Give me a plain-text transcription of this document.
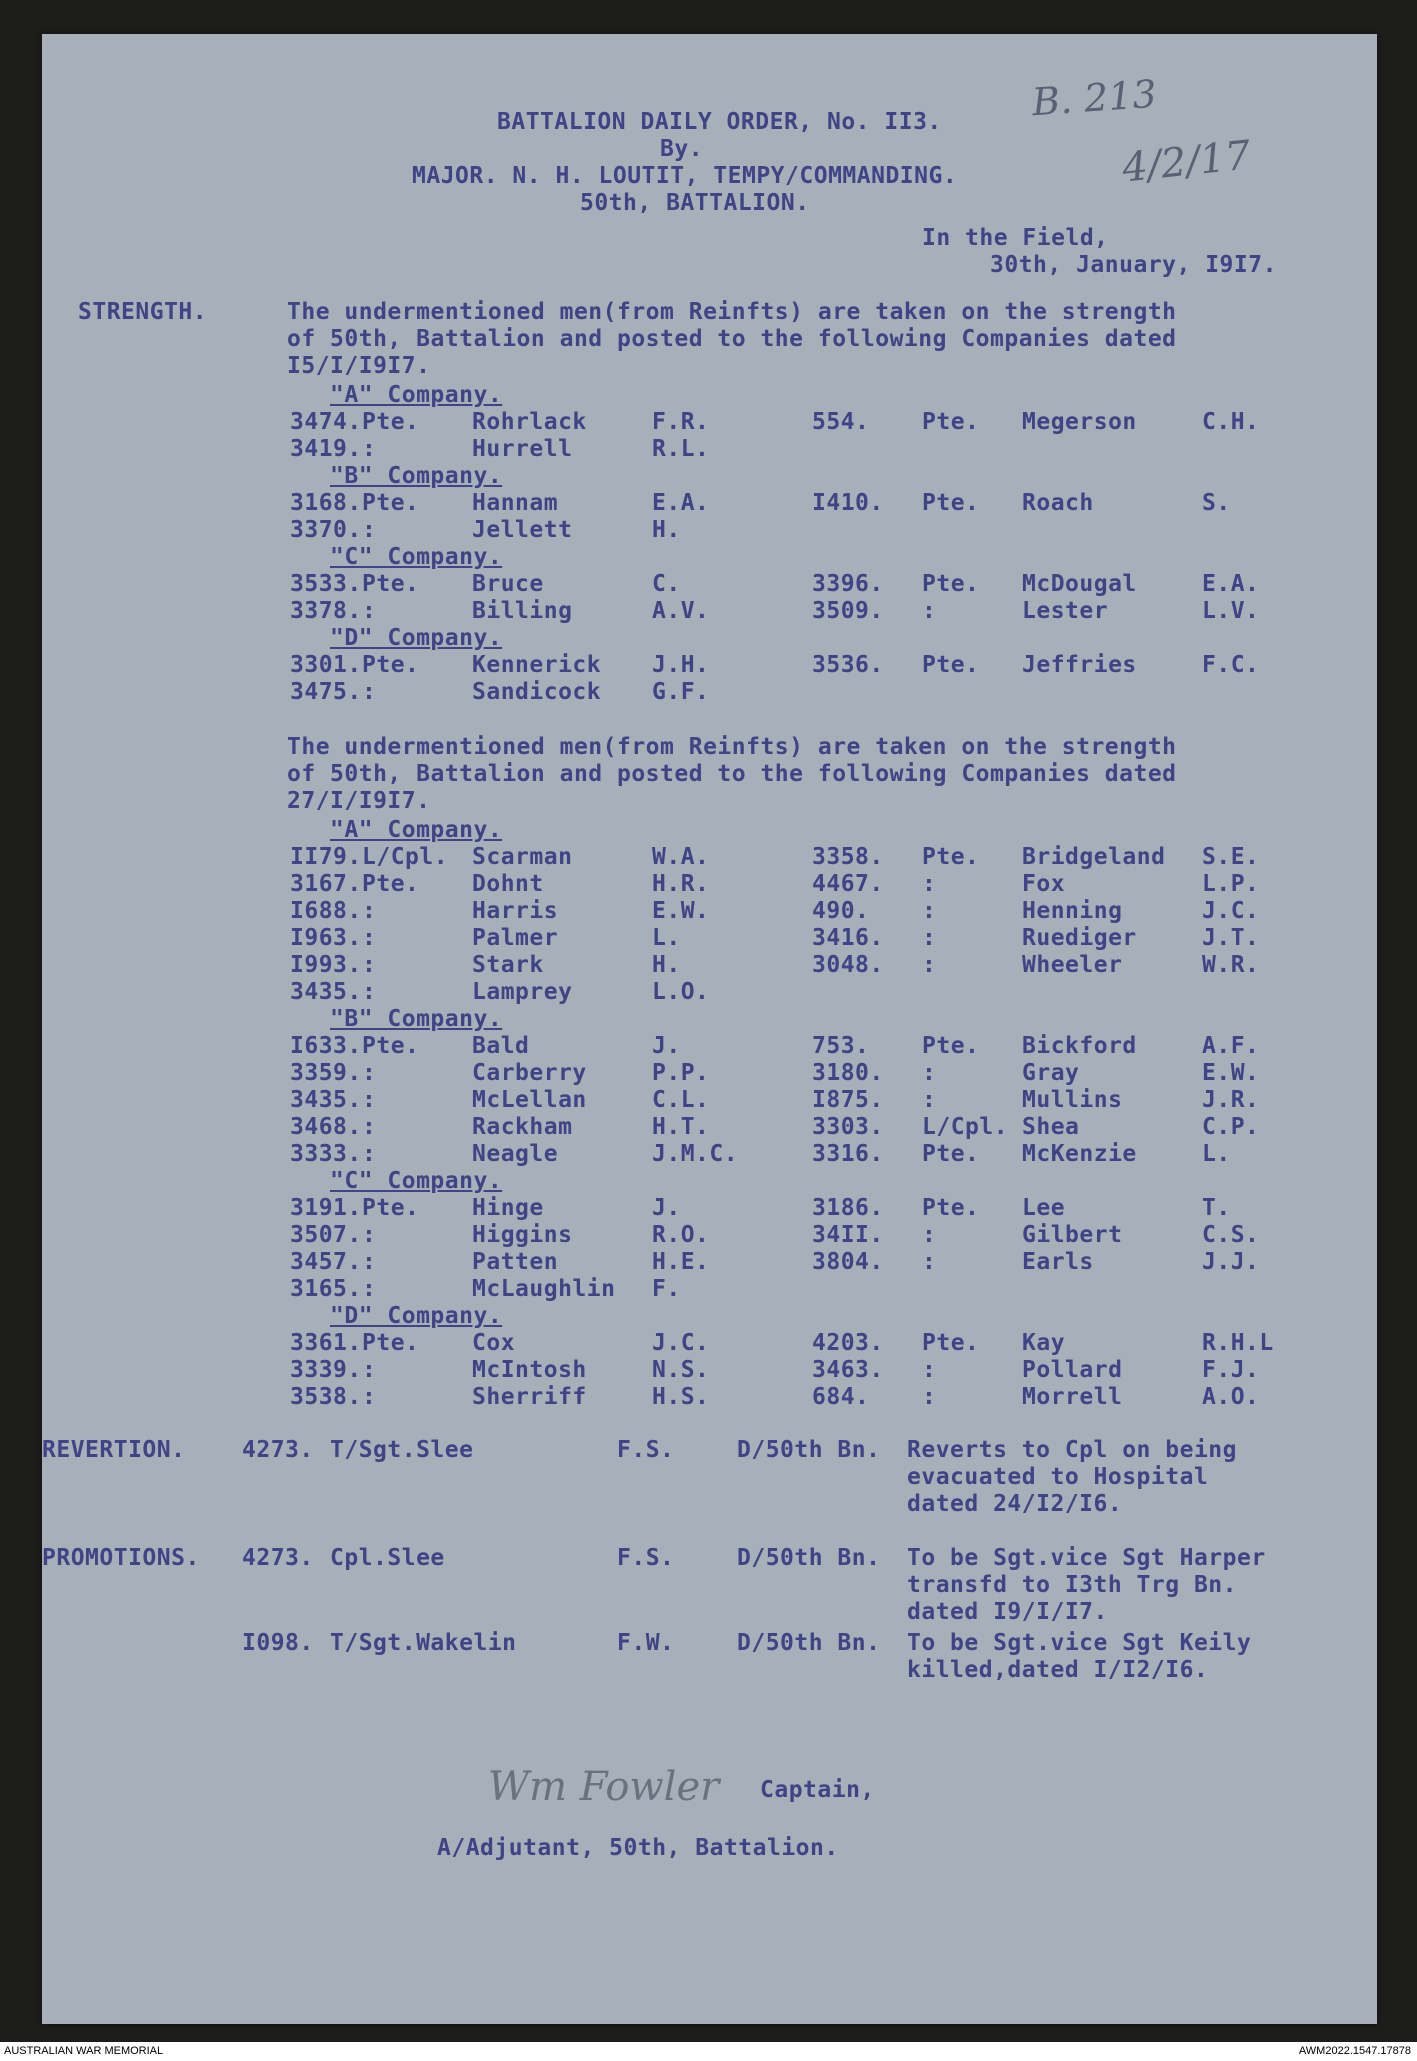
BATTALION DAILY ORDER, No. II3.
By.
MAJOR. N. H. LOUTIT, TEMPY/COMMANDING.
50th, BATTALION.
In the Field,
30th, January, I9I7.
B. 213
4/2/17
STRENGTH.	The undermentioned men(from Reinfts) are taken on the strength
of 50th, Battalion and posted to the following Companies dated
I5/I/I9I7.
"A" Company.
3474. Pte. Rohrlack	F.R.	554. Pte. Megerson	C.H.
3419. :	Hurrell	R.L.
"B" Company.
3168. Pte. Hannam	E.A.	I410. Pte. Roach	S.
3370. :	Jellett	H.
"C" Company.
3533. Pte. Bruce	C.	3396. Pte. McDougal	E.A.
3378. :	Billing	A.V.	3509. :	Lester	L.V.
"D" Company.
3301. Pte. Kennerick J.H.	3536. Pte. Jeffries	F.C.
3475. :	Sandicock G.F.
The undermentioned men(from Reinfts) are taken on the strength
of 50th, Battalion and posted to the following Companies dated
27/I/I9I7.
"A" Company.
II79. L/Cpl. Scarman	W.A.	3358. Pte. Bridgeland S.E.
3167. Pte. Dohnt	H.R.	4467. :	Fox	L.P.
I688. :	Harris	E.W.	490. :	Henning	J.C.
I963. :	Palmer	L.	3416. :	Ruediger	J.T.
I993. :	Stark	H.	3048. :	Wheeler	W.R.
3435. :	Lamprey	L.O.
"B" Company.
I633. Pte. Bald	J.	753. Pte. Bickford	A.F.
3359. :	Carberry	P.P.	3180. :	Gray	E.W.
3435. :	McLellan	C.L.	I875. :	Mullins	J.R.
3468. :	Rackham	H.T.	3303. L/Cpl. Shea	C.P.
3333. :	Neagle	J.M.C.	3316. Pte. McKenzie	L.
"C" Company.
3191. Pte. Hinge	J.	3186. Pte. Lee	T.
3507. :	Higgins	R.O.	34II. :	Gilbert	C.S.
3457. :	Patten	H.E.	3804. :	Earls	J.J.
3165. :	McLaughlin F.
"D" Company.
3361. Pte. Cox	J.C.	4203. Pte. Kay	R.H.L
3339. :	McIntosh	N.S.	3463. :	Pollard	F.J.
3538. :	Sherriff	H.S.	684. :	Morrell	A.O.
REVERTION. 4273. T/Sgt.Slee	F.S.	D/50th Bn. Reverts to Cpl on being
evacuated to Hospital
dated 24/I2/I6.
PROMOTIONS. 4273. Cpl.Slee	F.S.	D/50th Bn. To be Sgt.vice Sgt Harper
transfd to I3th Trg Bn.
dated I9/I/I7.
I098. T/Sgt.Wakelin	F.W.	D/50th Bn. To be Sgt.vice Sgt Keily
killed,dated I/I2/I6.
Wm Fowler Captain,
A/Adjutant, 50th, Battalion.
AUSTRALIAN WAR MEMORIAL	AWM2022.1547.17878
